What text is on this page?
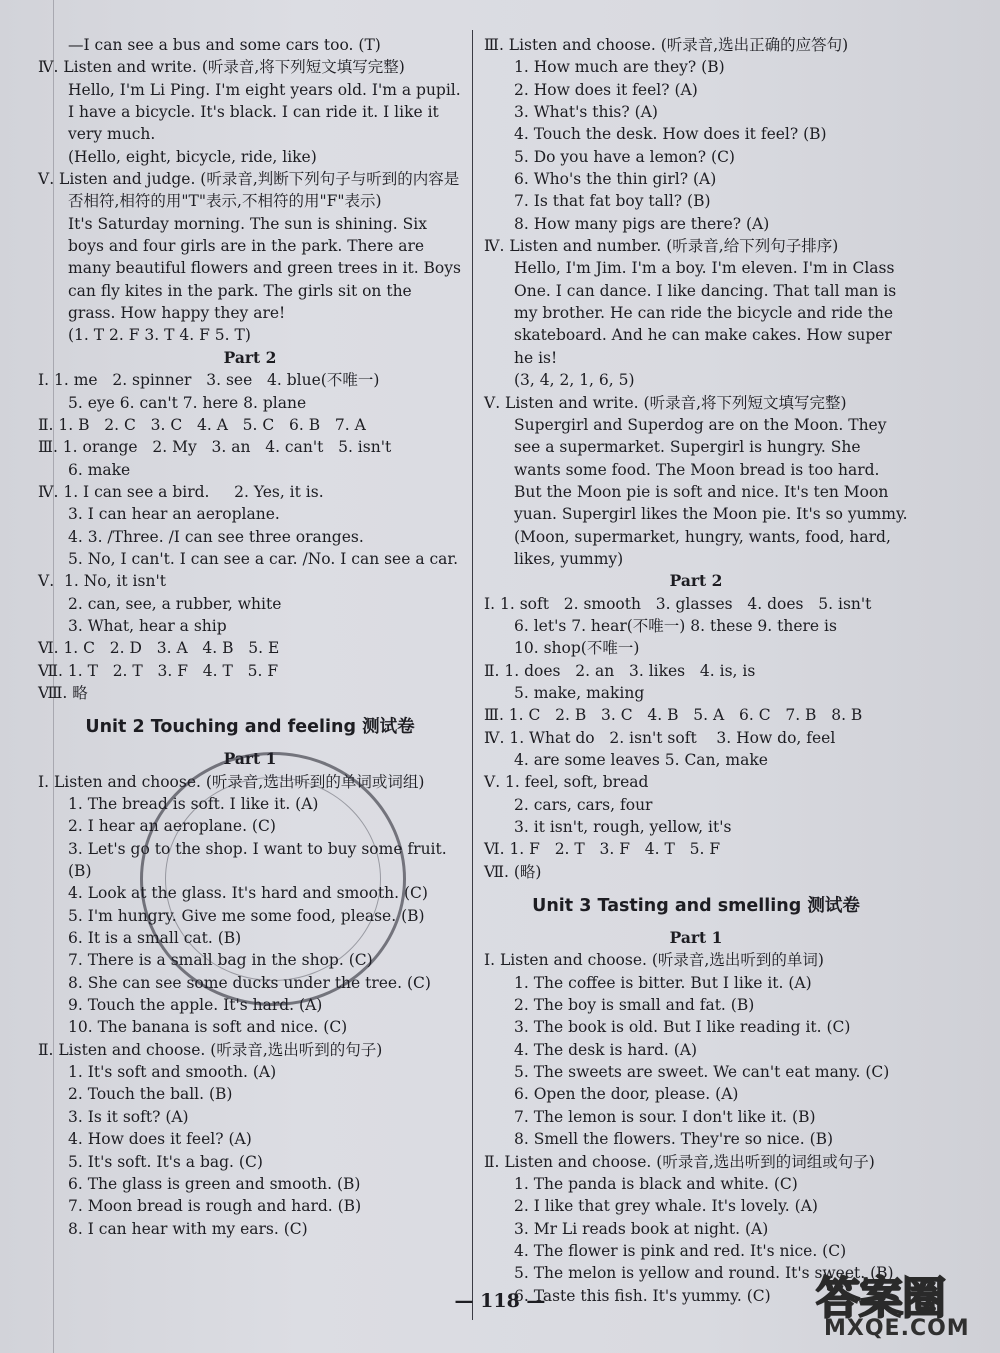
—I can see a bus and some cars too. (T)
Ⅳ. Listen and write. (听录音,将下列短文填写完整)
Hello, I'm Li Ping. I'm eight years old. I'm a pupil. I have a bicycle. It's black. I can ride it. I like it very much.
(Hello, eight, bicycle, ride, like)
Ⅴ. Listen and judge. (听录音,判断下列句子与听到的内容是否相符,相符的用"T"表示,不相符的用"F"表示)
It's Saturday morning. The sun is shining. Six boys and four girls are in the park. There are many beautiful flowers and green trees in it. Boys can fly kites in the park. The girls sit on the grass. How happy they are!
(1. T 2. F 3. T 4. F 5. T)
Part 2
Ⅰ. 1. me   2. spinner   3. see   4. blue(不唯一)
5. eye 6. can't 7. here 8. plane
Ⅱ. 1. B   2. C   3. C   4. A   5. C   6. B   7. A
Ⅲ. 1. orange   2. My   3. an   4. can't   5. isn't
6. make
Ⅳ. 1. I can see a bird.     2. Yes, it is.
3. I can hear an aeroplane.
4. 3. /Three. /I can see three oranges.
5. No, I can't. I can see a car. /No. I can see a car.
Ⅴ.  1. No, it isn't
2. can, see, a rubber, white
3. What, hear a ship
Ⅵ. 1. C   2. D   3. A   4. B   5. E
Ⅶ. 1. T   2. T   3. F   4. T   5. F
Ⅷ. 略
Unit 2 Touching and feeling 测试卷
Part 1
Ⅰ. Listen and choose. (听录音,选出听到的单词或词组)
1. The bread is soft. I like it. (A)
2. I hear an aeroplane. (C)
3. Let's go to the shop. I want to buy some fruit. (B)
4. Look at the glass. It's hard and smooth. (C)
5. I'm hungry. Give me some food, please. (B)
6. It is a small cat. (B)
7. There is a small bag in the shop. (C)
8. She can see some ducks under the tree. (C)
9. Touch the apple. It's hard. (A)
10. The banana is soft and nice. (C)
Ⅱ. Listen and choose. (听录音,选出听到的句子)
1. It's soft and smooth. (A)
2. Touch the ball. (B)
3. Is it soft? (A)
4. How does it feel? (A)
5. It's soft. It's a bag. (C)
6. The glass is green and smooth. (B)
7. Moon bread is rough and hard. (B)
8. I can hear with my ears. (C)
Ⅲ. Listen and choose. (听录音,选出正确的应答句)
1. How much are they? (B)
2. How does it feel? (A)
3. What's this? (A)
4. Touch the desk. How does it feel? (B)
5. Do you have a lemon? (C)
6. Who's the thin girl? (A)
7. Is that fat boy tall? (B)
8. How many pigs are there? (A)
Ⅳ. Listen and number. (听录音,给下列句子排序)
Hello, I'm Jim. I'm a boy. I'm eleven. I'm in Class One. I can dance. I like dancing. That tall man is my brother. He can ride the bicycle and ride the skateboard. And he can make cakes. How super he is!
(3, 4, 2, 1, 6, 5)
Ⅴ. Listen and write. (听录音,将下列短文填写完整)
Supergirl and Superdog are on the Moon. They see a supermarket. Supergirl is hungry. She wants some food. The Moon bread is too hard. But the Moon pie is soft and nice. It's ten Moon yuan. Supergirl likes the Moon pie. It's so yummy.
(Moon, supermarket, hungry, wants, food, hard, likes, yummy)
Part 2
Ⅰ. 1. soft   2. smooth   3. glasses   4. does   5. isn't
6. let's 7. hear(不唯一) 8. these 9. there is
10. shop(不唯一)
Ⅱ. 1. does   2. an   3. likes   4. is, is
5. make, making
Ⅲ. 1. C   2. B   3. C   4. B   5. A   6. C   7. B   8. B
Ⅳ. 1. What do   2. isn't soft    3. How do, feel
4. are some leaves 5. Can, make
Ⅴ. 1. feel, soft, bread
2. cars, cars, four
3. it isn't, rough, yellow, it's
Ⅵ. 1. F   2. T   3. F   4. T   5. F
Ⅶ. (略)
Unit 3 Tasting and smelling 测试卷
Part 1
Ⅰ. Listen and choose. (听录音,选出听到的单词)
1. The coffee is bitter. But I like it. (A)
2. The boy is small and fat. (B)
3. The book is old. But I like reading it. (C)
4. The desk is hard. (A)
5. The sweets are sweet. We can't eat many. (C)
6. Open the door, please. (A)
7. The lemon is sour. I don't like it. (B)
8. Smell the flowers. They're so nice. (B)
Ⅱ. Listen and choose. (听录音,选出听到的词组或句子)
1. The panda is black and white. (C)
2. I like that grey whale. It's lovely. (A)
3. Mr Li reads book at night. (A)
4. The flower is pink and red. It's nice. (C)
5. The melon is yellow and round. It's sweet. (B)
6. Taste this fish. It's yummy. (C)
— 118 —	答案圈
MXQE.COM
